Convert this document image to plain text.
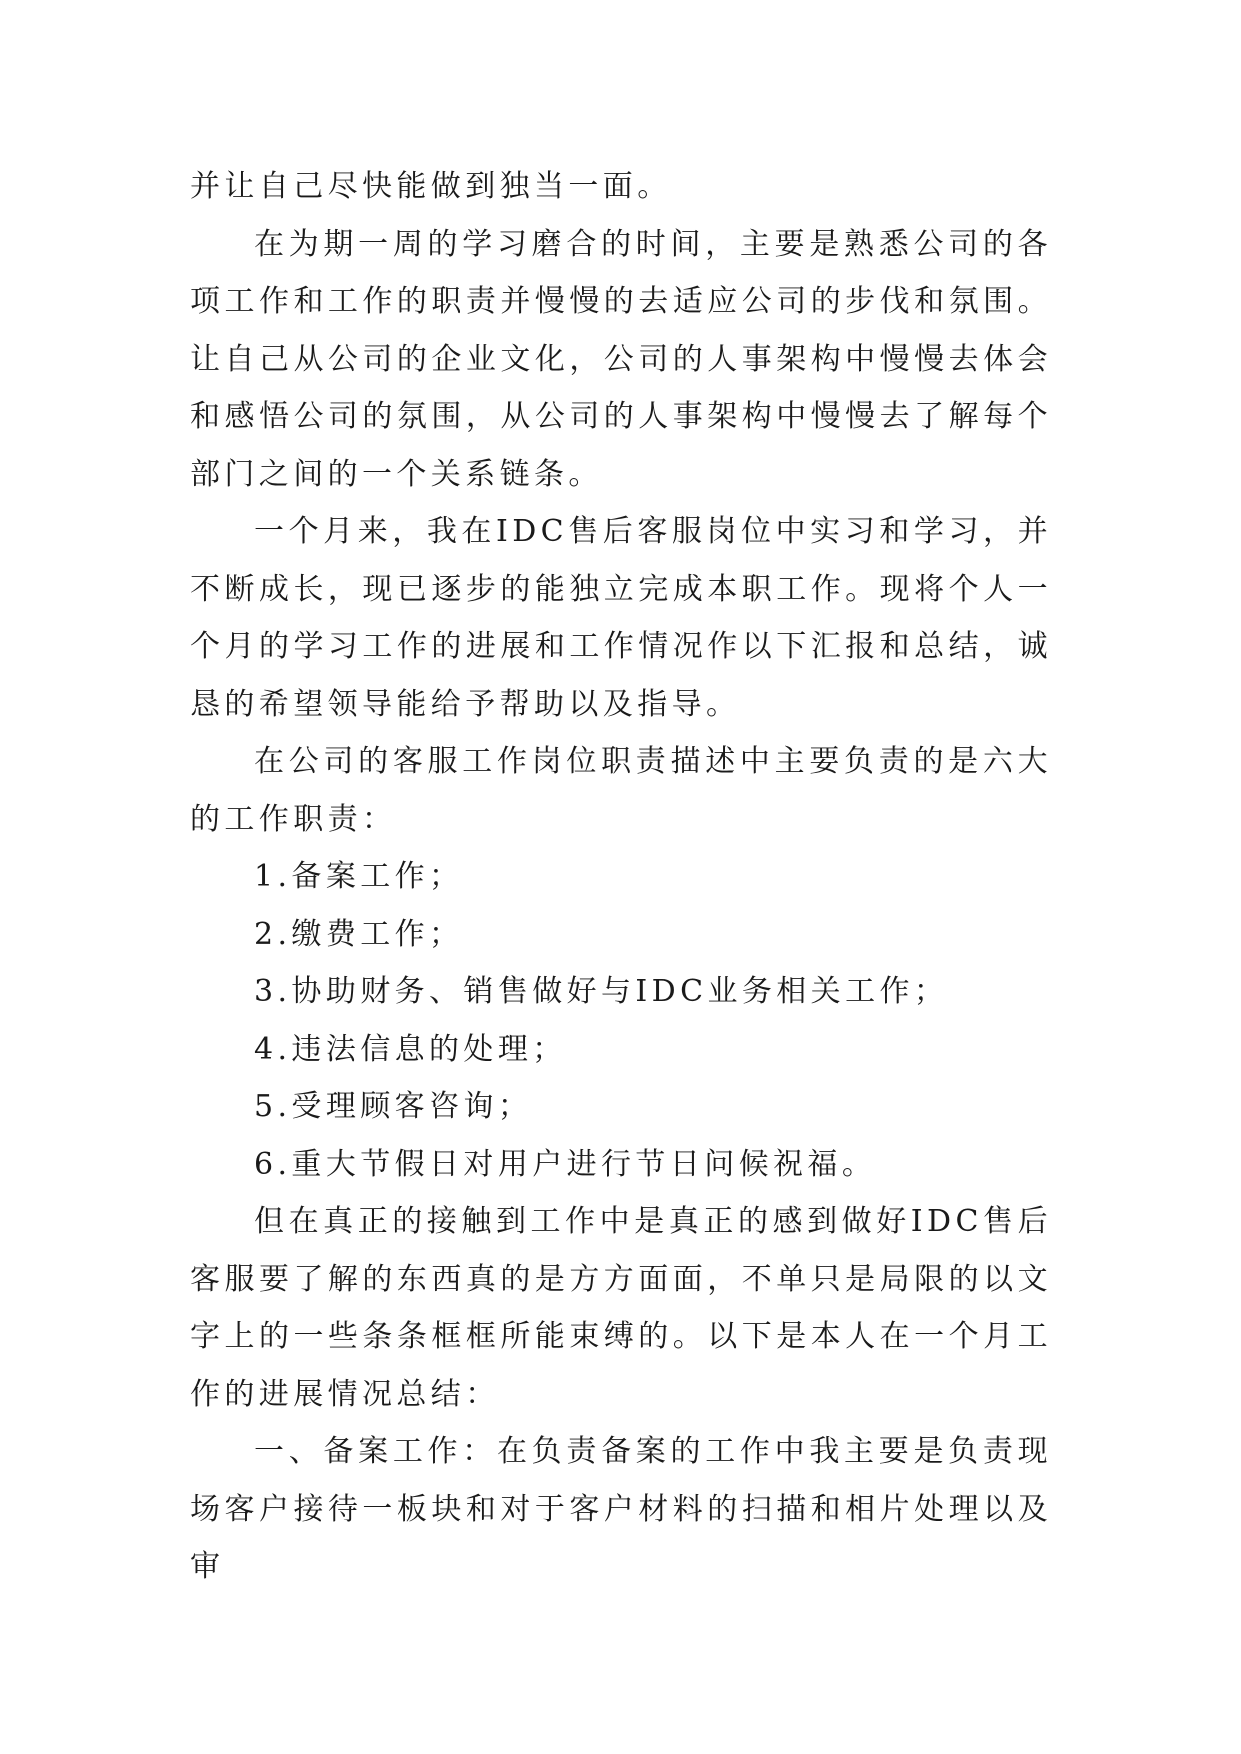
并让自己尽快能做到独当一面。

在为期一周的学习磨合的时间，主要是熟悉公司的各项工作和工作的职责并慢慢的去适应公司的步伐和氛围。让自己从公司的企业文化，公司的人事架构中慢慢去体会和感悟公司的氛围，从公司的人事架构中慢慢去了解每个部门之间的一个关系链条。

一个月来，我在IDC售后客服岗位中实习和学习，并不断成长，现已逐步的能独立完成本职工作。现将个人一个月的学习工作的进展和工作情况作以下汇报和总结，诚恳的希望领导能给予帮助以及指导。

在公司的客服工作岗位职责描述中主要负责的是六大的工作职责：

1.备案工作；

2.缴费工作；

3.协助财务、销售做好与IDC业务相关工作；

4.违法信息的处理；

5.受理顾客咨询；

6.重大节假日对用户进行节日问候祝福。

但在真正的接触到工作中是真正的感到做好IDC售后客服要了解的东西真的是方方面面，不单只是局限的以文字上的一些条条框框所能束缚的。以下是本人在一个月工作的进展情况总结：

一、备案工作：在负责备案的工作中我主要是负责现场客户接待一板块和对于客户材料的扫描和相片处理以及审
